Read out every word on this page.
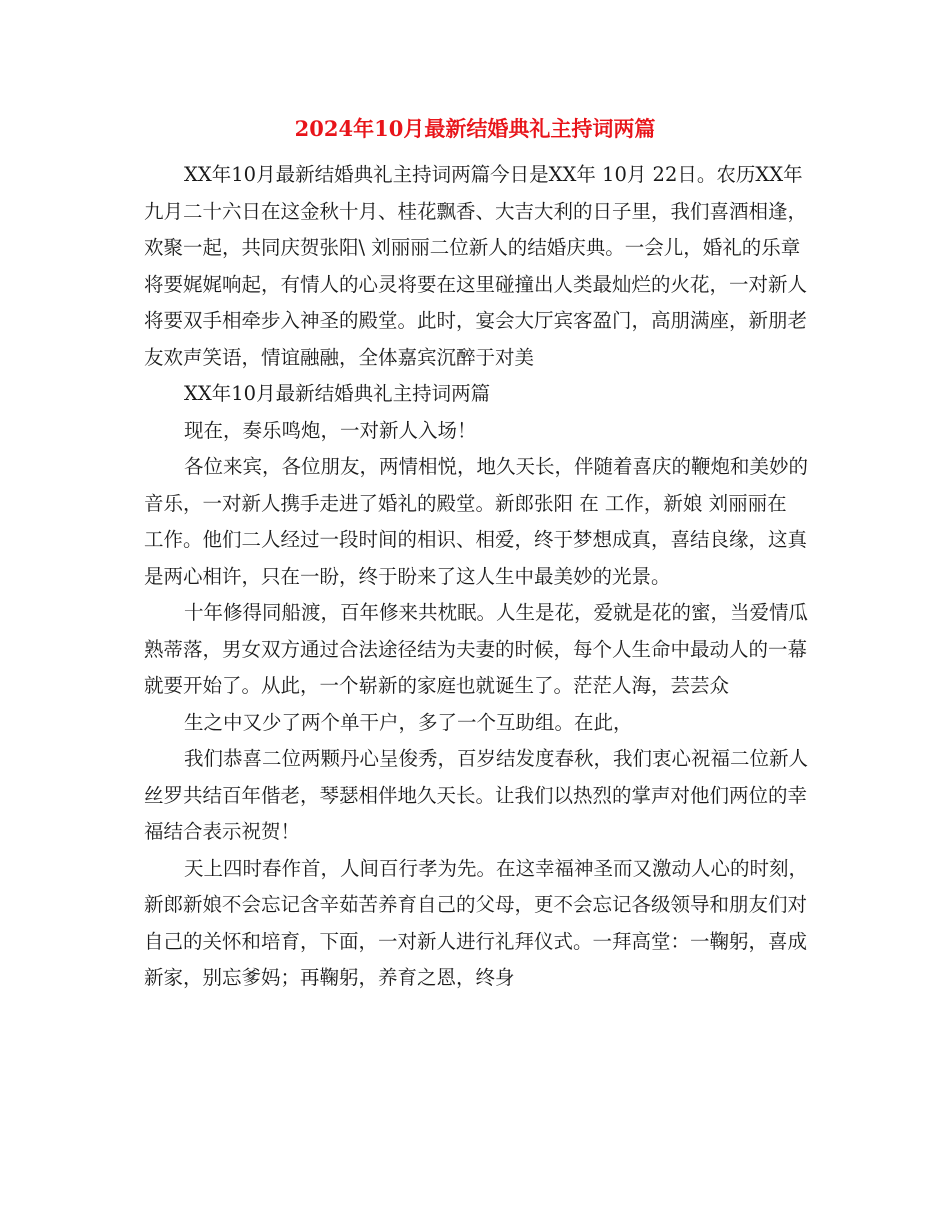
2024年10月最新结婚典礼主持词两篇

XX年10月最新结婚典礼主持词两篇今日是XX年 10月 22日。农历XX年九月二十六日在这金秋十月、桂花飘香、大吉大利的日子里，我们喜酒相逢，欢聚一起，共同庆贺张阳\ 刘丽丽二位新人的结婚庆典。一会儿，婚礼的乐章将要娓娓响起，有情人的心灵将要在这里碰撞出人类最灿烂的火花，一对新人将要双手相牵步入神圣的殿堂。此时，宴会大厅宾客盈门，高朋满座，新朋老友欢声笑语，情谊融融，全体嘉宾沉醉于对美

XX年10月最新结婚典礼主持词两篇

现在，奏乐鸣炮，一对新人入场！

各位来宾，各位朋友，两情相悦，地久天长，伴随着喜庆的鞭炮和美妙的音乐，一对新人携手走进了婚礼的殿堂。新郎张阳 在 工作，新娘 刘丽丽在 工作。他们二人经过一段时间的相识、相爱，终于梦想成真，喜结良缘，这真是两心相许，只在一盼，终于盼来了这人生中最美妙的光景。

十年修得同船渡，百年修来共枕眠。人生是花，爱就是花的蜜，当爱情瓜熟蒂落，男女双方通过合法途径结为夫妻的时候，每个人生命中最动人的一幕就要开始了。从此，一个崭新的家庭也就诞生了。茫茫人海，芸芸众

生之中又少了两个单干户，多了一个互助组。在此，

我们恭喜二位两颗丹心呈俊秀，百岁结发度春秋，我们衷心祝福二位新人丝罗共结百年偕老，琴瑟相伴地久天长。让我们以热烈的掌声对他们两位的幸福结合表示祝贺！

天上四时春作首，人间百行孝为先。在这幸福神圣而又激动人心的时刻，新郎新娘不会忘记含辛茹苦养育自己的父母，更不会忘记各级领导和朋友们对自己的关怀和培育，下面，一对新人进行礼拜仪式。一拜高堂：一鞠躬，喜成新家，别忘爹妈；再鞠躬，养育之恩，终身
